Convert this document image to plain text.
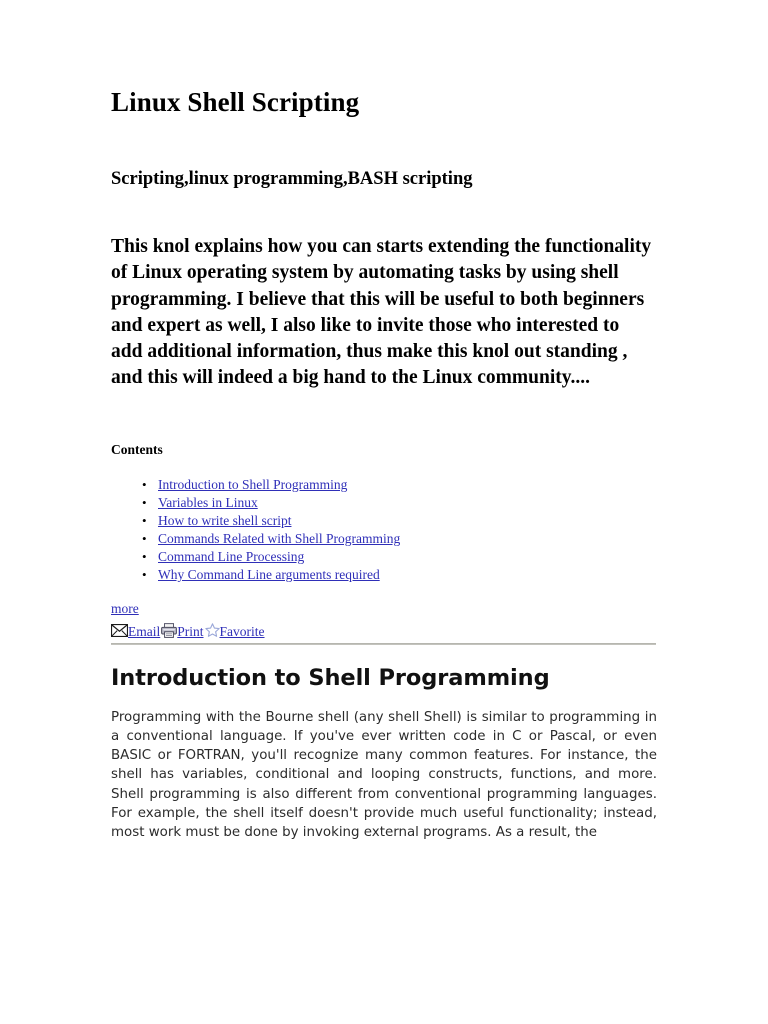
Linux Shell Scripting
Scripting,linux programming,BASH scripting

This knol explains how you can starts extending the functionality of Linux operating system by automating tasks by using shell programming. I believe that this will be useful to both beginners and expert as well, I also like to invite those who interested to add additional information, thus make this knol out standing , and this will indeed a big hand to the Linux community....

Contents
• Introduction to Shell Programming
• Variables in Linux
• How to write shell script
• Commands Related with Shell Programming
• Command Line Processing
• Why Command Line arguments required
more
Email Print Favorite
Introduction to Shell Programming

Programming with the Bourne shell (any shell Shell) is similar to programming in a conventional language. If you've ever written code in C or Pascal, or even BASIC or FORTRAN, you'll recognize many common features. For instance, the shell has variables, conditional and looping constructs, functions, and more. Shell programming is also different from conventional programming languages. For example, the shell itself doesn't provide much useful functionality; instead, most work must be done by invoking external programs. As a result, the
